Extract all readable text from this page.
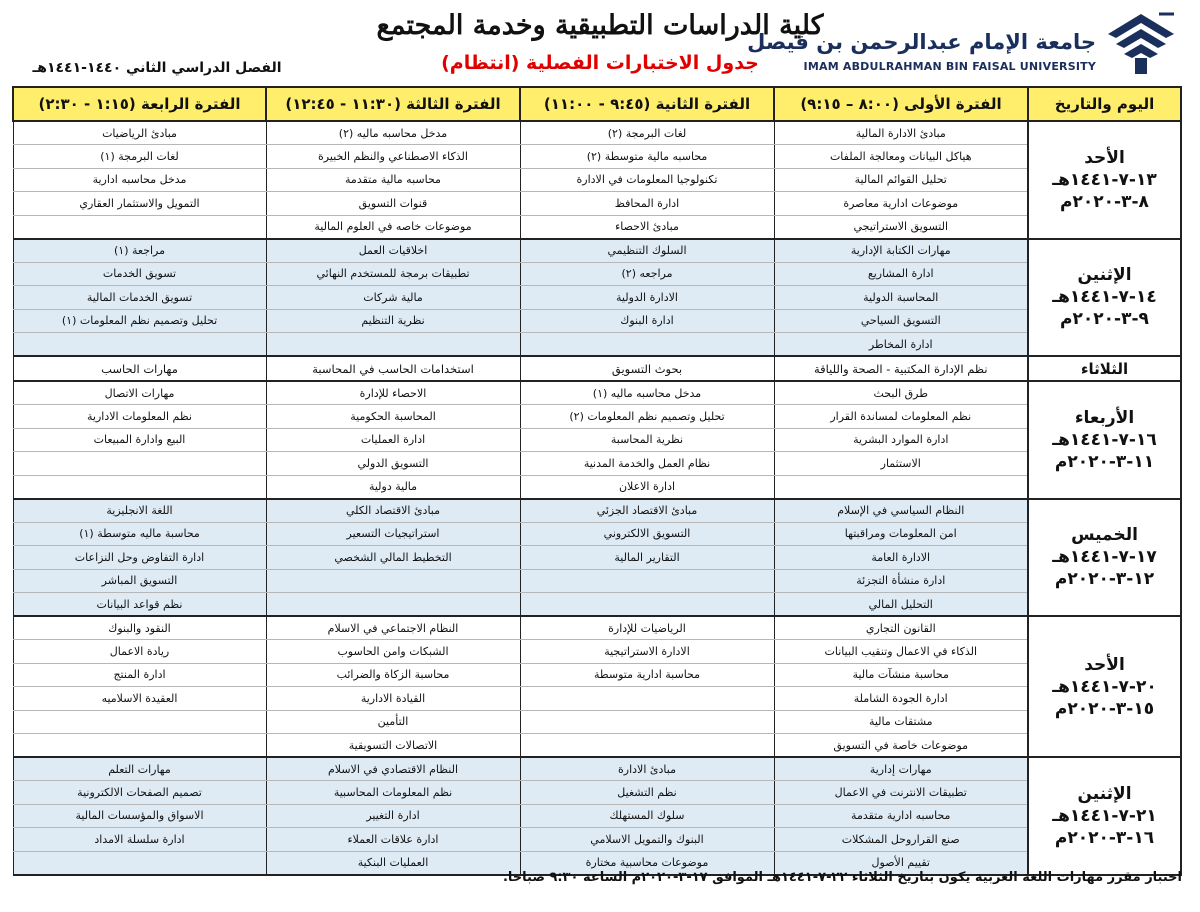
جامعة الإمام عبدالرحمن بن فيصل
IMAM ABDULRAHMAN BIN FAISAL UNIVERSITY
كلية الدراسات التطبيقية وخدمة المجتمع
جدول الاختبارات الفصلية (انتظام)
الفصل الدراسي الثاني ١٤٤٠-١٤٤١هـ
اليوم والتاريخ	الفترة الأولى (٨:٠٠ – ٩:١٥)	الفترة الثانية (٩:٤٥ - ١١:٠٠)	الفترة الثالثة (١١:٣٠ - ١٢:٤٥)	الفترة الرابعة (١:١٥ - ٢:٣٠)

الأحد
١٣-٧-١٤٤١هـ
٨-٣-٢٠٢٠م	مبادئ الادارة المالية	لغات البرمجة (٢)	مدخل محاسبه ماليه (٢)	مبادئ الرياضيات
	هياكل البيانات ومعالجة الملفات	محاسبه مالية متوسطة (٢)	الذكاء الاصطناعي والنظم الخبيرة	لغات البرمجة (١)
	تحليل القوائم المالية	تكنولوجيا المعلومات في الادارة	محاسبه مالية متقدمة	مدخل محاسبه ادارية
	موضوعات ادارية معاصرة	ادارة المحافظ	قنوات التسويق	التمويل والاستثمار العقاري
	التسويق الاستراتيجي	مبادئ الاحصاء	موضوعات خاصه في العلوم المالية	

الإثنين
١٤-٧-١٤٤١هـ
٩-٣-٢٠٢٠م	مهارات الكتابة الإدارية	السلوك التنظيمي	اخلاقيات العمل	مراجعة (١)
	ادارة المشاريع	مراجعه (٢)	تطبيقات برمجة للمستخدم النهائي	تسويق الخدمات
	المحاسبة الدولية	الادارة الدولية	مالية شركات	تسويق الخدمات المالية
	التسويق السياحي	ادارة البنوك	نظرية التنظيم	تحليل وتصميم نظم المعلومات (١)
	ادارة المخاطر			
الثلاثاء	نظم الإدارة المكتبية - الصحة واللياقة	بحوث التسويق	استخدامات الحاسب في المحاسبة	مهارات الحاسب

الأربعاء
١٦-٧-١٤٤١هـ
١١-٣-٢٠٢٠م	طرق البحث	مدخل محاسبه ماليه (١)	الاحصاء للإدارة	مهارات الاتصال
	نظم المعلومات لمساندة القرار	تحليل وتصميم نظم المعلومات (٢)	المحاسبة الحكومية	نظم المعلومات الادارية
	ادارة الموارد البشرية	نظرية المحاسبة	ادارة العمليات	البيع وادارة المبيعات
	الاستثمار	نظام العمل والخدمة المدنية	التسويق الدولي	
		ادارة الاعلان	مالية دولية	

الخميس
١٧-٧-١٤٤١هـ
١٢-٣-٢٠٢٠م	النظام السياسي في الإسلام	مبادئ الاقتصاد الجزئي	مبادئ الاقتصاد الكلي	اللغة الانجليزية
	امن المعلومات ومراقبتها	التسويق الالكتروني	استراتيجيات التسعير	محاسبة ماليه متوسطة (١)
	الادارة العامة	التقارير المالية	التخطيط المالي الشخصي	ادارة التفاوض وحل النزاعات
	ادارة منشأة التجزئة			التسويق المباشر
	التحليل المالي			نظم قواعد البيانات

الأحد
٢٠-٧-١٤٤١هـ
١٥-٣-٢٠٢٠م	القانون التجاري	الرياضيات للإدارة	النظام الاجتماعي في الاسلام	النقود والبنوك
	الذكاء في الاعمال وتنقيب البيانات	الادارة الاستراتيجية	الشبكات وامن الحاسوب	ريادة الاعمال
	محاسبة منشآت مالية	محاسبة ادارية متوسطة	محاسبة الزكاة والضرائب	ادارة المنتج
	ادارة الجودة الشاملة		القيادة الادارية	العقيدة الاسلاميه
	مشتقات مالية		التأمين	
	موضوعات خاصة في التسويق		الاتصالات التسويقية	

الإثنين
٢١-٧-١٤٤١هـ
١٦-٣-٢٠٢٠م	مهارات إدارية	مبادئ الادارة	النظام الاقتصادي في الاسلام	مهارات التعلم
	تطبيقات الانترنت في الاعمال	نظم التشغيل	نظم المعلومات المحاسبية	تصميم الصفحات الالكترونية
	محاسبه ادارية متقدمة	سلوك المستهلك	ادارة التغيير	الاسواق والمؤسسات المالية
	صنع القراروحل المشكلات	البنوك والتمويل الاسلامي	ادارة علاقات العملاء	ادارة سلسلة الامداد
	تقييم الأصول	موضوعات محاسبية مختارة	العمليات البنكية	
اختبار مقرر مهارات اللغة العربية يكون بتاريخ الثلاثاء ٢٢-٧-١٤٤١هـ الموافق ١٧-٣-٢٠٢٠م الساعة ٩:٣٠ صباحا.
